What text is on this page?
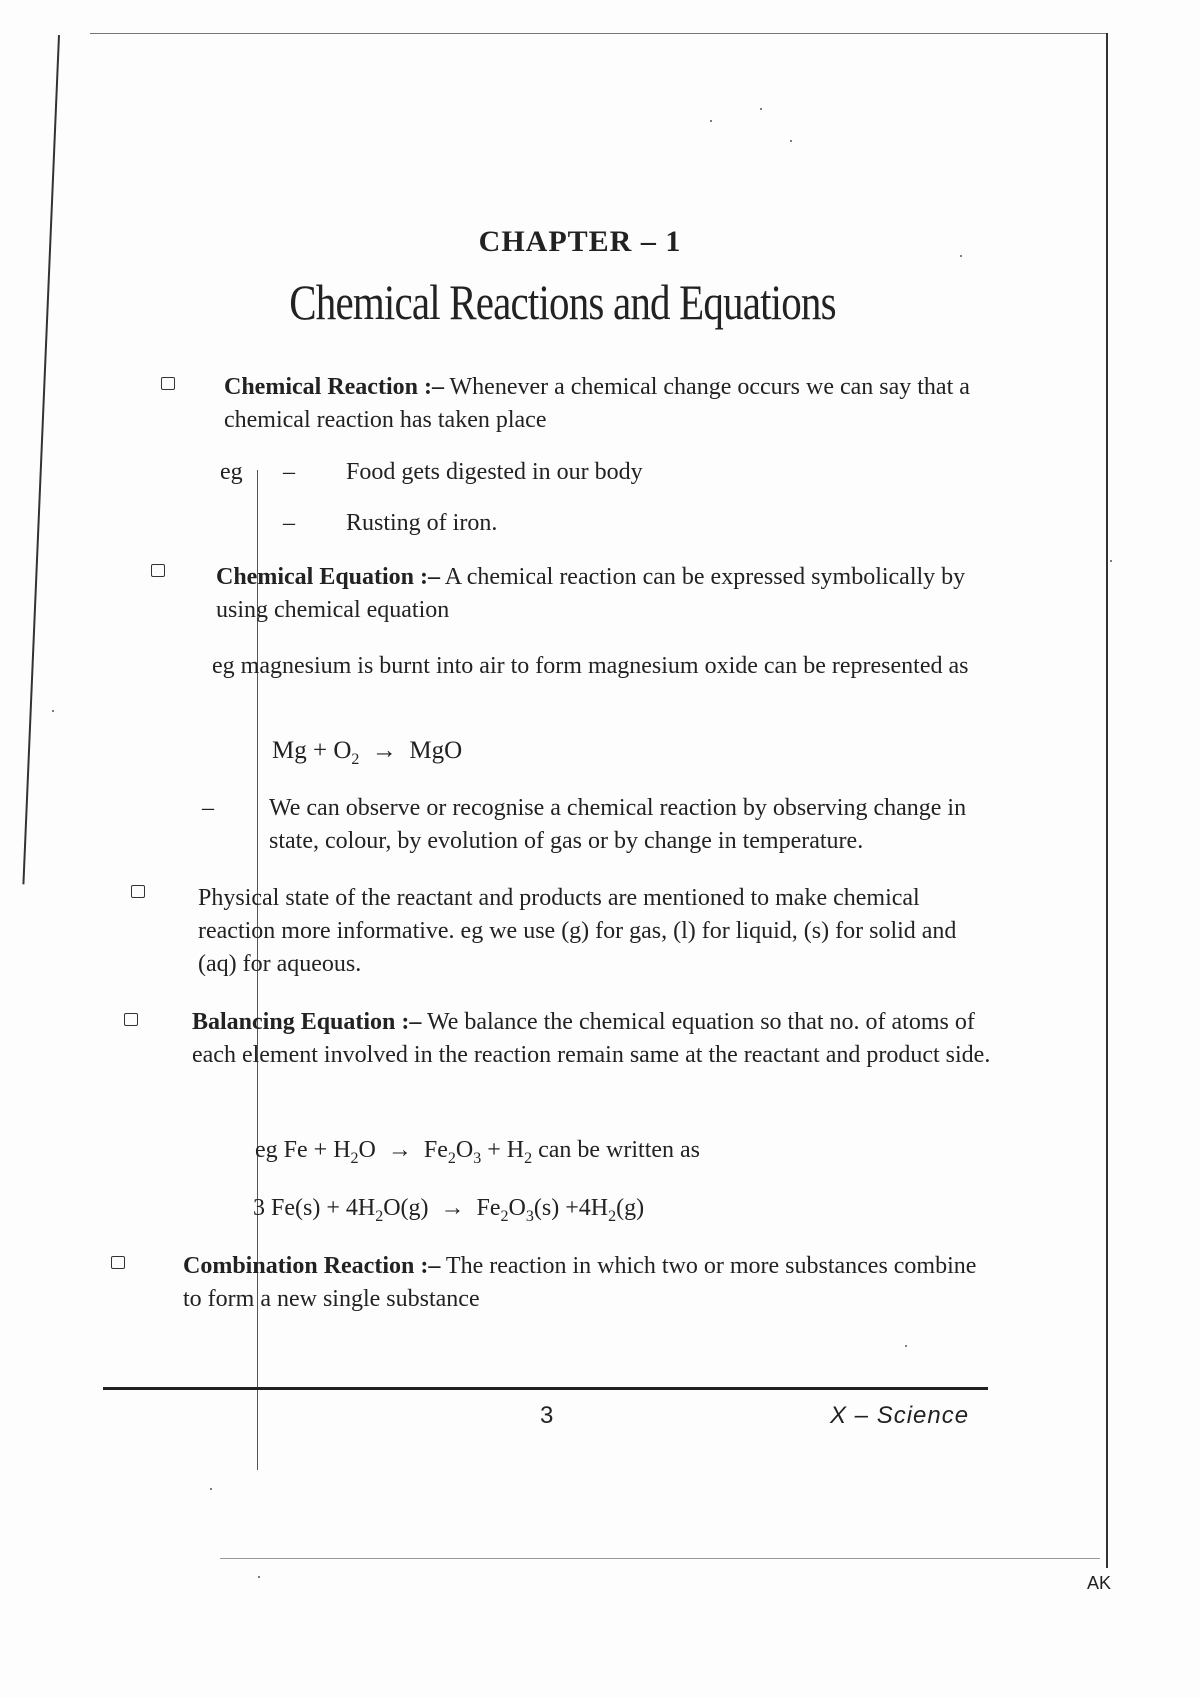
CHAPTER – 1
Chemical Reactions and Equations
Chemical Reaction :– Whenever a chemical change occurs we can say that a chemical reaction has taken place
eg – Food gets digested in our body
– Rusting of iron.
Chemical Equation :– A chemical reaction can be expressed symbolically by using chemical equation
eg magnesium is burnt into air to form magnesium oxide can be represented as
$Mg + O_2$  →  MgO
– We can observe or recognise a chemical reaction by observing change in state, colour, by evolution of gas or by change in temperature.
Physical state of the reactant and products are mentioned to make chemical reaction more informative. eg we use (g) for gas, (l) for liquid, (s) for solid and (aq) for aqueous.
Balancing Equation :– We balance the chemical equation so that no. of atoms of each element involved in the reaction remain same at the reactant and product side.
eg $Fe + H_2O \to Fe_2O_3 + H_2$ can be written as
3 $Fe(s) + 4H_2O(g) \to Fe_2O_3(s) +4H_2(g)$
Combination Reaction :– The reaction in which two or more substances combine to form a new single substance
3	X – Science
AK
